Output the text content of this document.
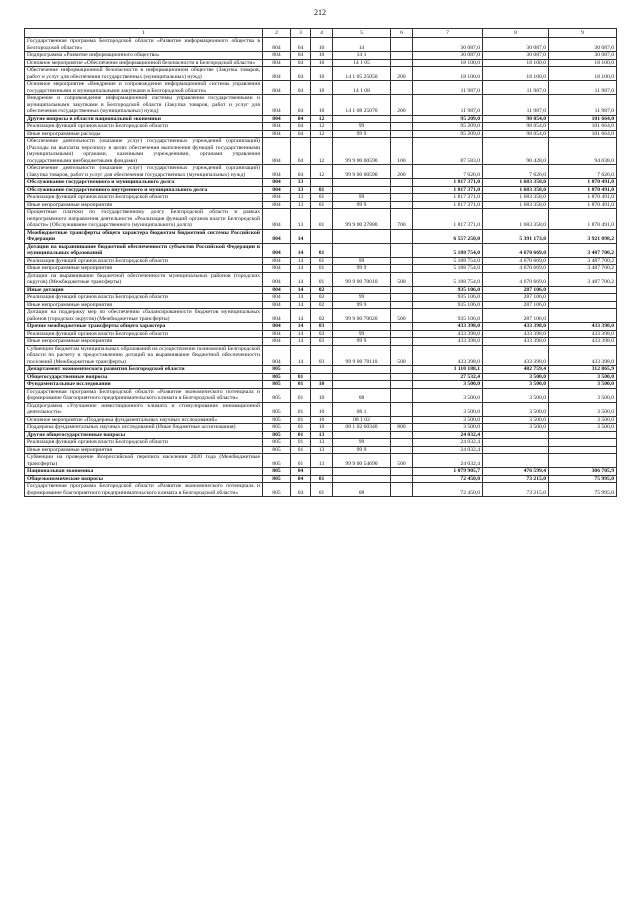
212
1	2	3	4	5	6	7	8	9
Государственная программа Белгородской области «Развитие информационного общества в Белгородской области»	804	04	10	14		30 087,0	30 087,0	30 087,0
Подпрограмма «Развитие информационного общества»	804	04	10	14 1		30 087,0	30 087,0	30 087,0
Основное мероприятие «Обеспечение информационной безопасности в Белгородской области»	804	04	10	14 1 05		18 100,0	18 100,0	18 100,0
Обеспечение информационной безопасности в информационном обществе (Закупка товаров, работ и услуг для обеспечения государственных (муниципальных) нужд)	804	04	10	14 1 05 25050	200	18 100,0	18 100,0	18 100,0
Основное мероприятие «Внедрение и сопровождение информационной системы управления государственными и муниципальными закупками в Белгородской области»	804	04	10	14 1 08		11 987,0	11 987,0	11 987,0
Внедрение и сопровождение информационной системы управления государственными и муниципальными закупками в Белгородской области (Закупка товаров, работ и услуг для обеспечения государственных (муниципальных) нужд)	804	04	10	14 1 08 25070	200	11 987,0	11 987,0	11 987,0
Другие вопросы в области национальной экономики	804	04	12			95 209,0	98 054,0	101 664,0
Реализация функций органов власти Белгородской области	804	04	12	99		95 209,0	98 054,0	101 664,0
Иные непрограммные расходы	804	04	12	99 9		95 209,0	98 054,0	101 664,0
Обеспечение деятельности (оказание услуг) государственных учреждений (организаций) (Расходы на выплаты персоналу в целях обеспечения выполнения функций государственными (муниципальными) органами, казенными учреждениями, органами управления государственными внебюджетными фондами)	804	04	12	99 9 00 00590	100	87 583,0	90 428,0	94 038,0
Обеспечение деятельности (оказание услуг) государственных учреждений (организаций) (Закупка товаров, работ и услуг для обеспечения государственных (муниципальных) нужд)	804	04	12	99 9 00 00590	200	7 626,0	7 626,0	7 626,0
Обслуживание государственного и муниципального долга	804	13				1 817 371,0	1 683 358,0	1 870 491,0
Обслуживание государственного внутреннего и муниципального долга	804	13	01			1 817 371,0	1 683 358,0	1 870 491,0
Реализация функций органов власти Белгородской области	804	13	01	99		1 817 371,0	1 683 358,0	1 870 491,0
Иные непрограммные мероприятия	804	13	01	99 9		1 817 371,0	1 683 358,0	1 870 491,0
Процентные платежи по государственному долгу Белгородской области в рамках непрограммного направления деятельности «Реализация функций органов власти Белгородской области» (Обслуживание государственного (муниципального) долга)	804	13	01	99 9 00 27880	700	1 817 371,0	1 683 358,0	1 870 491,0
Межбюджетные трансферты общего характера бюджетам бюджетной системы Российской Федерации	804	14				6 557 258,0	5 391 173,0	3 921 098,2
Дотации на выравнивание бюджетной обеспеченности субъектов Российской Федерации и муниципальных образований	804	14	01			5 188 754,0	4 670 669,0	3 487 700,2
Реализация функций органов власти Белгородской области	804	14	01	99		5 188 754,0	4 670 669,0	3 487 700,2
Иные непрограммные мероприятия	804	14	01	99 9		5 188 754,0	4 670 669,0	3 487 700,2
Дотации на выравнивание бюджетной обеспеченности муниципальных районов (городских округов) (Межбюджетные трансферты)	804	14	01	99 9 00 70010	500	5 188 754,0	4 670 669,0	3 487 700,2
Иные дотации	804	14	02			935 106,0	287 106,0	
Реализация функций органов власти Белгородской области	804	14	02	99		935 106,0	287 106,0	
Иные непрограммные мероприятия	804	14	02	99 9		935 106,0	287 106,0	
Дотации на поддержку мер по обеспечению сбалансированности бюджетов муниципальных районов (городских округов) (Межбюджетные трансферты)	804	14	02	99 9 00 70020	500	935 106,0	287 106,0	
Прочие межбюджетные трансферты общего характера	804	14	03			433 398,0	433 398,0	433 398,0
Реализация функций органов власти Белгородской области	804	14	03	99		433 398,0	433 398,0	433 398,0
Иные непрограммные мероприятия	804	14	03	99 9		433 398,0	433 398,0	433 398,0
Субвенции бюджетам муниципальных образований на осуществление полномочий Белгородской области по расчету и предоставлению дотаций на выравнивание бюджетной обеспеченности поселений (Межбюджетные трансферты)	804	14	03	99 9 00 70110	500	433 398,0	433 398,0	433 398,0
Департамент экономического развития Белгородской области	805					1 110 188,1	482 759,4	312 865,9
Общегосударственные вопросы	805	01				27 532,4	3 500,0	3 500,0
Фундаментальные исследования	805	01	10			3 500,0	3 500,0	3 500,0
Государственная программа Белгородской области «Развитие экономического потенциала и формирование благоприятного предпринимательского климата в Белгородской области»	805	01	10	08		3 500,0	3 500,0	3 500,0
Подпрограмма «Улучшение инвестиционного климата и стимулирование инновационной деятельности»	805	01	10	08 1		3 500,0	3 500,0	3 500,0
Основное мероприятие «Поддержка фундаментальных научных исследований»	805	01	10	08 1 02		3 500,0	3 500,0	3 500,0
Поддержка фундаментальных научных исследований (Иные бюджетные ассигнования)	805	01	10	08 1 02 60340	800	3 500,0	3 500,0	3 500,0
Другие общегосударственные вопросы	805	01	13			24 032,4		
Реализация функций органов власти Белгородской области	805	01	13	99		24 032,4		
Иные непрограммные мероприятия	805	01	13	99 9		24 032,4		
Субвенции на проведение Всероссийской переписи населения 2020 года (Межбюджетные трансферты)	805	01	13	99 9 00 54690	500	24 032,4		
Национальная экономика	805	04				1 079 905,7	476 599,4	306 705,9
Общеэкономические вопросы	805	04	01			72 450,0	73 215,0	75 995,0
Государственная программа Белгородской области «Развитие экономического потенциала и формирование благоприятного предпринимательского климата в Белгородской области»	805	04	01	08		72 450,0	73 215,0	75 995,0
